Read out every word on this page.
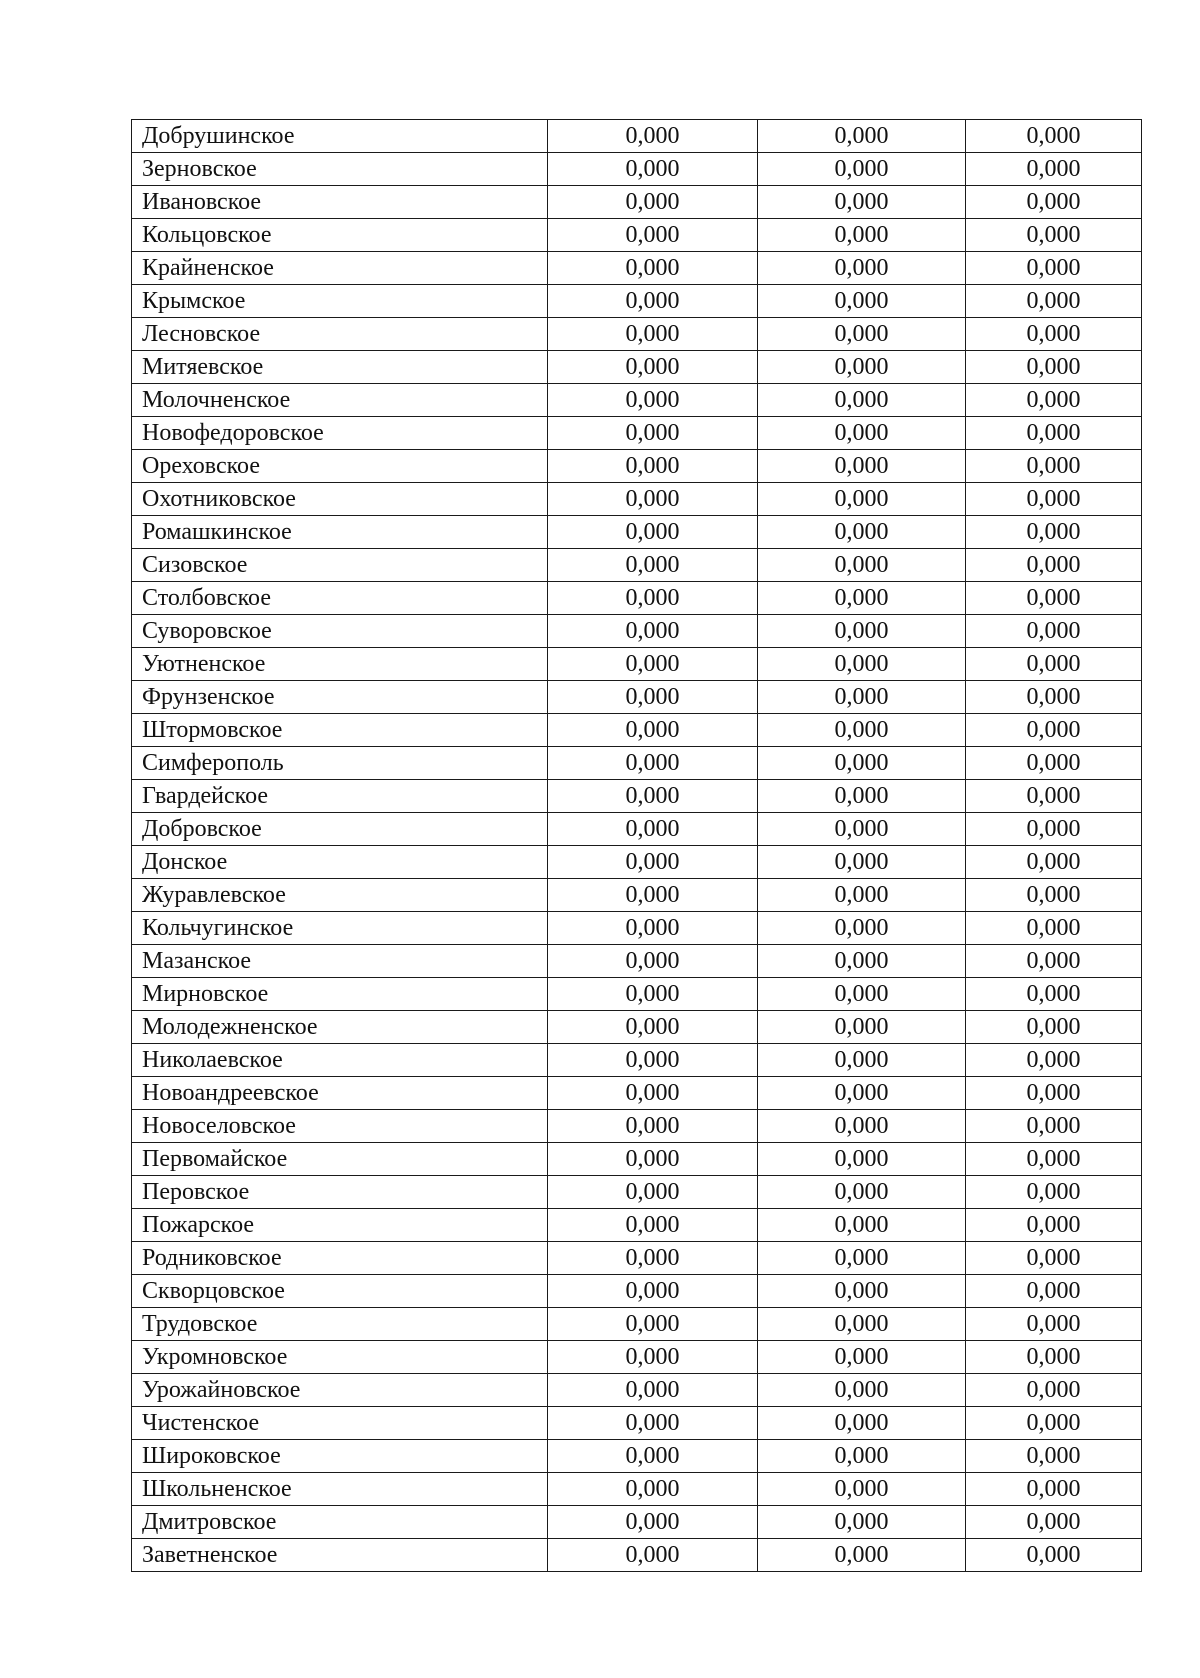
Добрушинское	0,000	0,000	0,000
Зерновское	0,000	0,000	0,000
Ивановское	0,000	0,000	0,000
Кольцовское	0,000	0,000	0,000
Крайненское	0,000	0,000	0,000
Крымское	0,000	0,000	0,000
Лесновское	0,000	0,000	0,000
Митяевское	0,000	0,000	0,000
Молочненское	0,000	0,000	0,000
Новофедоровское	0,000	0,000	0,000
Ореховское	0,000	0,000	0,000
Охотниковское	0,000	0,000	0,000
Ромашкинское	0,000	0,000	0,000
Сизовское	0,000	0,000	0,000
Столбовское	0,000	0,000	0,000
Суворовское	0,000	0,000	0,000
Уютненское	0,000	0,000	0,000
Фрунзенское	0,000	0,000	0,000
Штормовское	0,000	0,000	0,000
Симферополь	0,000	0,000	0,000
Гвардейское	0,000	0,000	0,000
Добровское	0,000	0,000	0,000
Донское	0,000	0,000	0,000
Журавлевское	0,000	0,000	0,000
Кольчугинское	0,000	0,000	0,000
Мазанское	0,000	0,000	0,000
Мирновское	0,000	0,000	0,000
Молодежненское	0,000	0,000	0,000
Николаевское	0,000	0,000	0,000
Новоандреевское	0,000	0,000	0,000
Новоселовское	0,000	0,000	0,000
Первомайское	0,000	0,000	0,000
Перовское	0,000	0,000	0,000
Пожарское	0,000	0,000	0,000
Родниковское	0,000	0,000	0,000
Скворцовское	0,000	0,000	0,000
Трудовское	0,000	0,000	0,000
Укромновское	0,000	0,000	0,000
Урожайновское	0,000	0,000	0,000
Чистенское	0,000	0,000	0,000
Широковское	0,000	0,000	0,000
Школьненское	0,000	0,000	0,000
Дмитровское	0,000	0,000	0,000
Заветненское	0,000	0,000	0,000
